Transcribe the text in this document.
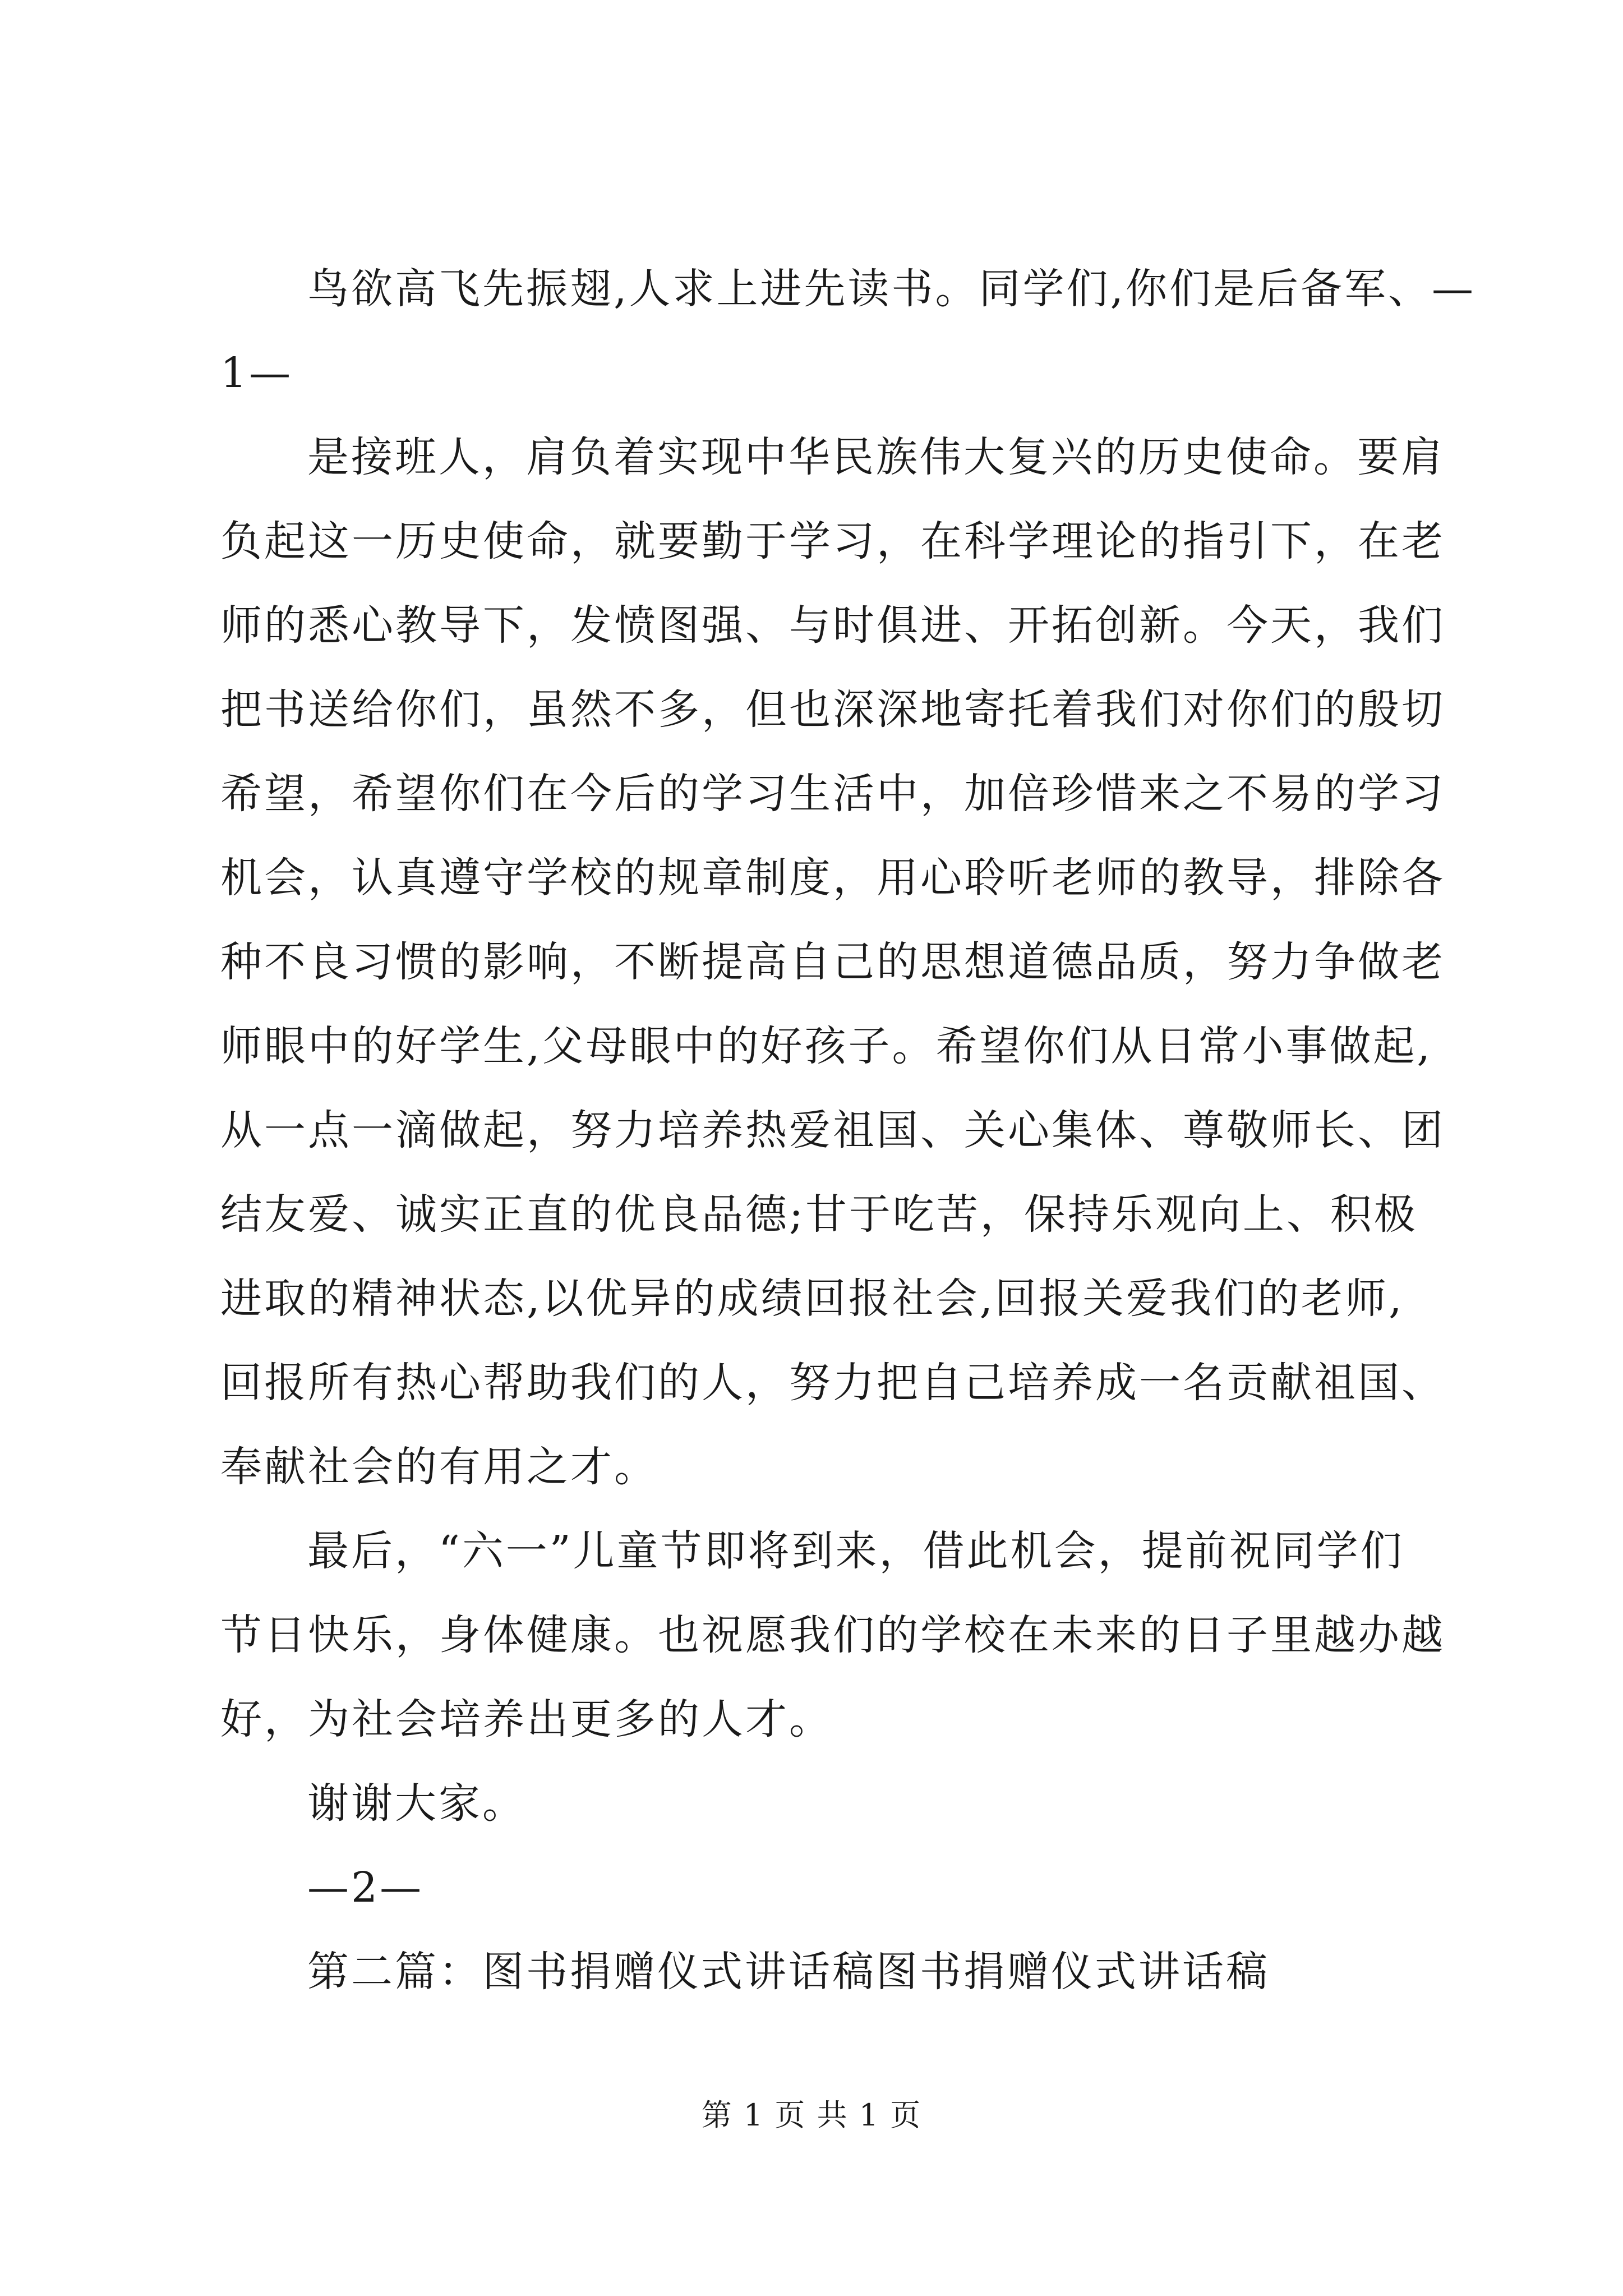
鸟欲高飞先振翅,人求上进先读书。同学们,你们是后备军、—
1—
是接班人，肩负着实现中华民族伟大复兴的历史使命。要肩
负起这一历史使命，就要勤于学习，在科学理论的指引下，在老
师的悉心教导下，发愤图强、与时俱进、开拓创新。今天，我们
把书送给你们，虽然不多，但也深深地寄托着我们对你们的殷切
希望，希望你们在今后的学习生活中，加倍珍惜来之不易的学习
机会，认真遵守学校的规章制度，用心聆听老师的教导，排除各
种不良习惯的影响，不断提高自己的思想道德品质，努力争做老
师眼中的好学生,父母眼中的好孩子。希望你们从日常小事做起,
从一点一滴做起，努力培养热爱祖国、关心集体、尊敬师长、团
结友爱、诚实正直的优良品德;甘于吃苦，保持乐观向上、积极
进取的精神状态,以优异的成绩回报社会,回报关爱我们的老师,
回报所有热心帮助我们的人，努力把自己培养成一名贡献祖国、
奉献社会的有用之才。
最后，“六一”儿童节即将到来，借此机会，提前祝同学们
节日快乐，身体健康。也祝愿我们的学校在未来的日子里越办越
好，为社会培养出更多的人才。
谢谢大家。
—2—
第二篇：图书捐赠仪式讲话稿图书捐赠仪式讲话稿
第 1 页 共 1 页
